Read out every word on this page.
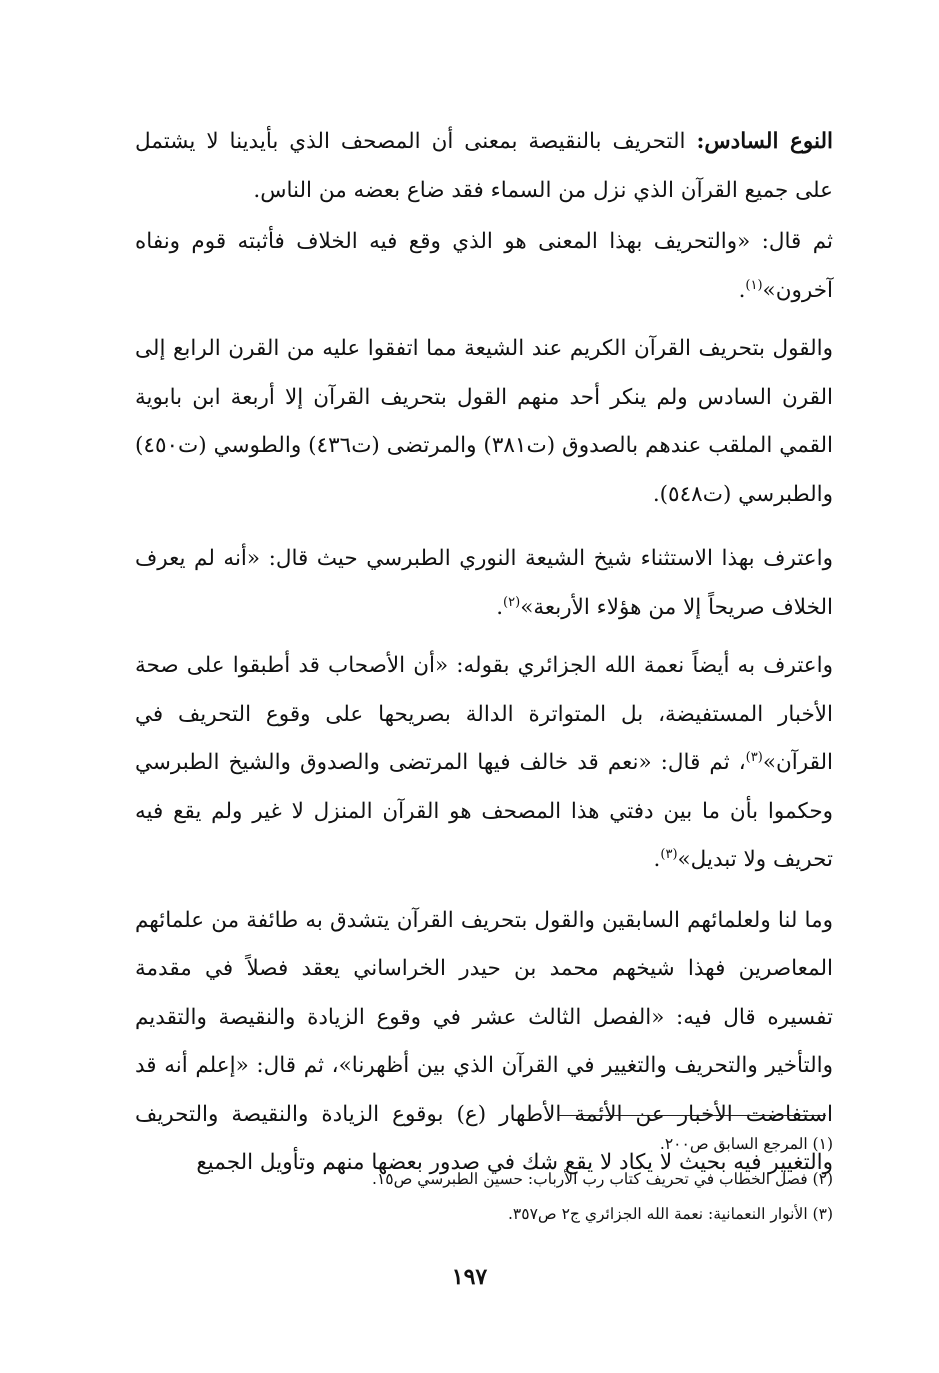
النوع السادس: التحريف بالنقيصة بمعنى أن المصحف الذي بأيدينا لا يشتمل على جميع القرآن الذي نزل من السماء فقد ضاع بعضه من الناس.

ثم قال: «والتحريف بهذا المعنى هو الذي وقع فيه الخلاف فأثبته قوم ونفاه آخرون»$^{(١)}$.

والقول بتحريف القرآن الكريم عند الشيعة مما اتفقوا عليه من القرن الرابع إلى القرن السادس ولم ينكر أحد منهم القول بتحريف القرآن إلا أربعة ابن بابوية القمي الملقب عندهم بالصدوق (ت٣٨١) والمرتضى (ت٤٣٦) والطوسي (ت٤٥٠) والطبرسي (ت٥٤٨).

واعترف بهذا الاستثناء شيخ الشيعة النوري الطبرسي حيث قال: «أنه لم يعرف الخلاف صريحاً إلا من هؤلاء الأربعة»$^{(٢)}$.

واعترف به أيضاً نعمة الله الجزائري بقوله: «أن الأصحاب قد أطبقوا على صحة الأخبار المستفيضة، بل المتواترة الدالة بصريحها على وقوع التحريف في القرآن»$^{(٣)}$، ثم قال: «نعم قد خالف فيها المرتضى والصدوق والشيخ الطبرسي وحكموا بأن ما بين دفتي هذا المصحف هو القرآن المنزل لا غير ولم يقع فيه تحريف ولا تبديل»$^{(٣)}$.

وما لنا ولعلمائهم السابقين والقول بتحريف القرآن يتشدق به طائفة من علمائهم المعاصرين فهذا شيخهم محمد بن حيدر الخراساني يعقد فصلاً في مقدمة تفسيره قال فيه: «الفصل الثالث عشر في وقوع الزيادة والنقيصة والتقديم والتأخير والتحريف والتغيير في القرآن الذي بين أظهرنا»، ثم قال: «إعلم أنه قد استفاضت الأخبار عن الأئمة الأطهار (ع) بوقوع الزيادة والنقيصة والتحريف والتغيير فيه بحيث لا يكاد لا يقع شك في صدور بعضها منهم وتأويل الجميع

(١) المرجع السابق ص٢٠٠.

(٢) فصل الخطاب في تحريف كتاب رب الأرباب: حسين الطبرسي ص١٥.

(٣) الأنوار النعمانية: نعمة الله الجزائري ج٢ ص٣٥٧.

١٩٧
